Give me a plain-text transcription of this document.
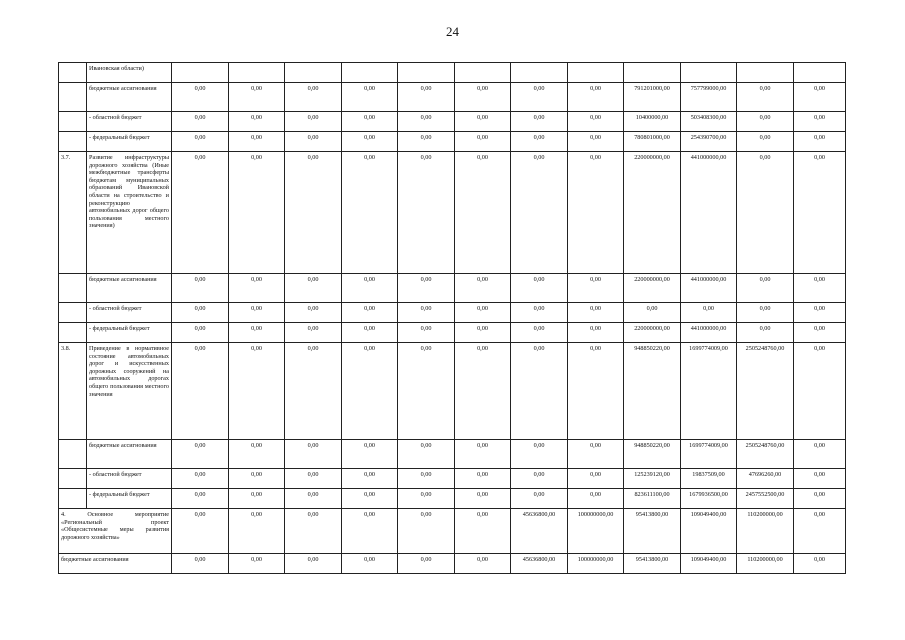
24
	Ивановская области)												
	бюджетные ассигнования	0,00	0,00	0,00	0,00	0,00	0,00	0,00	0,00	791201000,00	757799000,00	0,00	0,00
	- областной бюджет	0,00	0,00	0,00	0,00	0,00	0,00	0,00	0,00	10400000,00	503408300,00	0,00	0,00
	- федеральный бюджет	0,00	0,00	0,00	0,00	0,00	0,00	0,00	0,00	780801000,00	254390700,00	0,00	0,00
3.7.	Развитие инфраструктуры дорожного хозяйства (Иные межбюджетные трансферты бюджетам муниципальных образований Ивановской области на строительство и реконструкцию автомобильных дорог общего пользования местного значения)	0,00	0,00	0,00	0,00	0,00	0,00	0,00	0,00	220000000,00	441000000,00	0,00	0,00
	бюджетные ассигнования	0,00	0,00	0,00	0,00	0,00	0,00	0,00	0,00	220000000,00	441000000,00	0,00	0,00
	- областной бюджет	0,00	0,00	0,00	0,00	0,00	0,00	0,00	0,00	0,00	0,00	0,00	0,00
	- федеральный бюджет	0,00	0,00	0,00	0,00	0,00	0,00	0,00	0,00	220000000,00	441000000,00	0,00	0,00
3.8.	Приведение в нормативное состояние автомобильных дорог и искусственных дорожных сооружений на автомобильных дорогах общего пользования местного значения	0,00	0,00	0,00	0,00	0,00	0,00	0,00	0,00	948850220,00	1699774009,00	2505248760,00	0,00
	бюджетные ассигнования	0,00	0,00	0,00	0,00	0,00	0,00	0,00	0,00	948850220,00	1699774009,00	2505248760,00	0,00
	- областной бюджет	0,00	0,00	0,00	0,00	0,00	0,00	0,00	0,00	125239120,00	19837509,00	47696260,00	0,00
	- федеральный бюджет	0,00	0,00	0,00	0,00	0,00	0,00	0,00	0,00	823611100,00	1679936500,00	2457552500,00	0,00
4. Основное мероприятие «Региональный проект «Общесистемные меры развития дорожного хозяйства»		0,00	0,00	0,00	0,00	0,00	0,00	45636800,00	100000000,00	95413800,00	109049400,00	110200000,00	0,00
бюджетные ассигнования		0,00	0,00	0,00	0,00	0,00	0,00	45636800,00	100000000,00	95413800,00	109049400,00	110200000,00	0,00
